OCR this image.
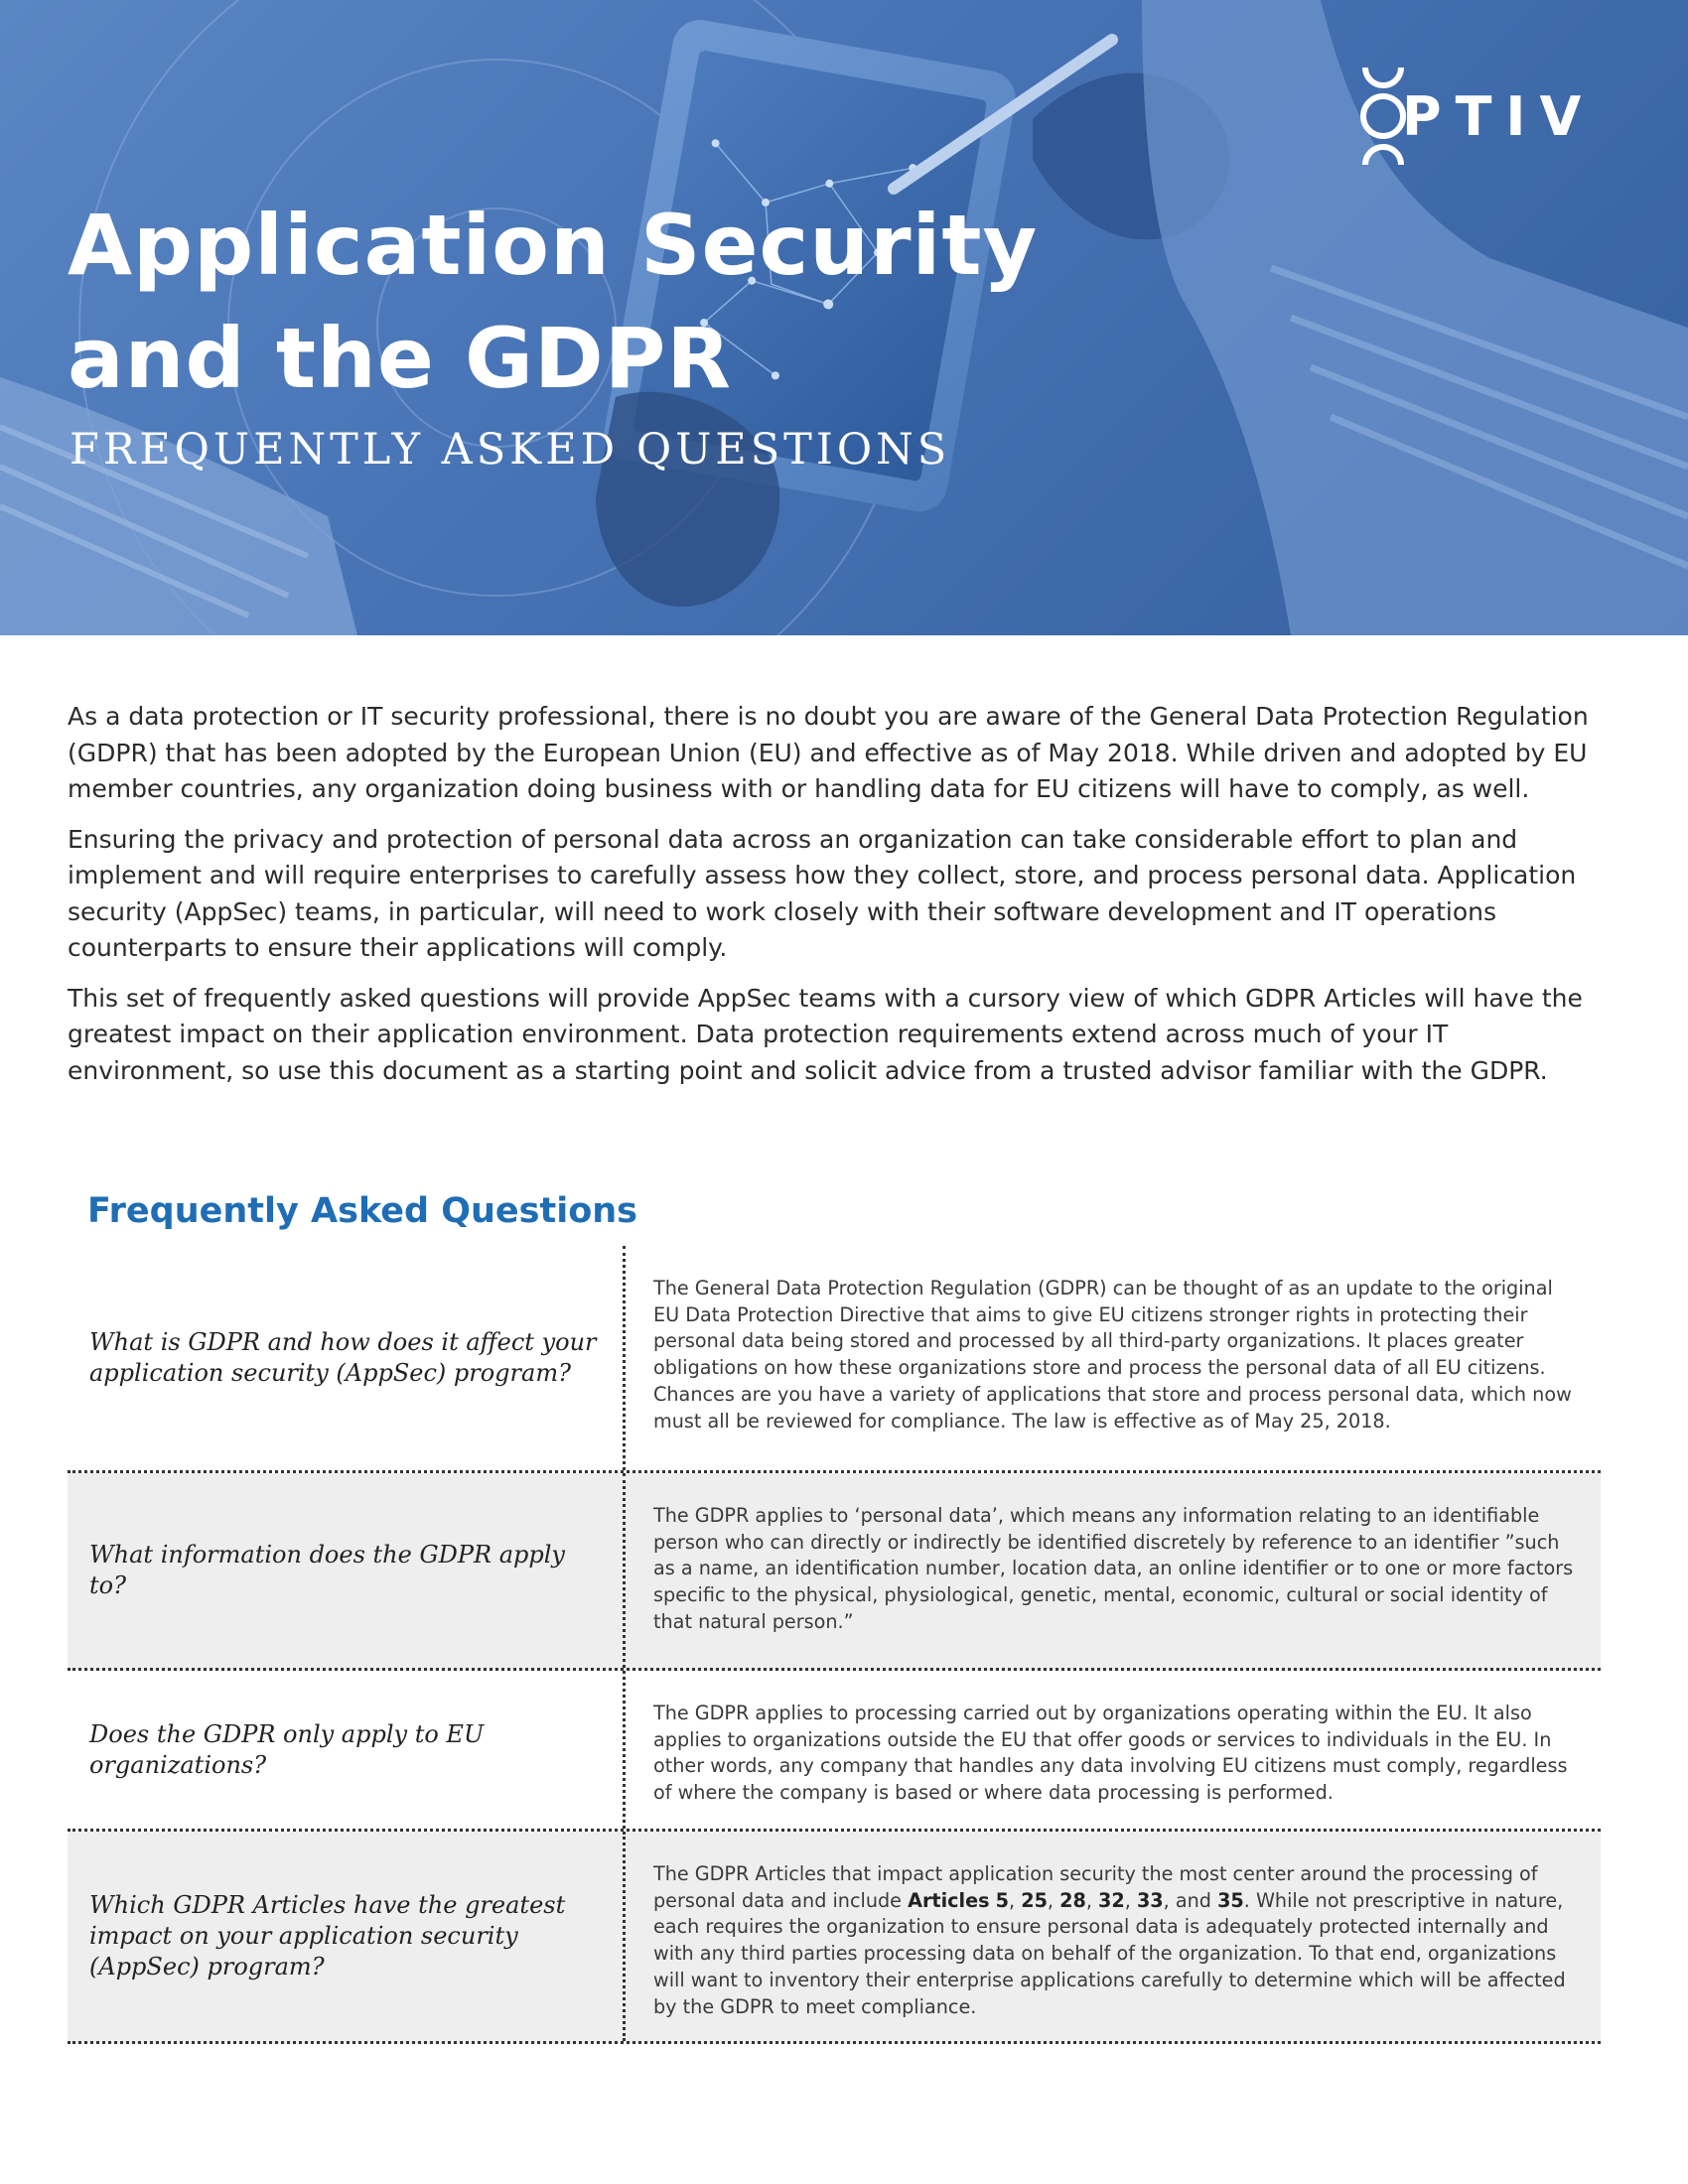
PTIV
Application Security
and the GDPR
FREQUENTLY ASKED QUESTIONS

As a data protection or IT security professional, there is no doubt you are aware of the General Data Protection Regulation (GDPR) that has been adopted by the European Union (EU) and effective as of May 2018. While driven and adopted by EU member countries, any organization doing business with or handling data for EU citizens will have to comply, as well.

Ensuring the privacy and protection of personal data across an organization can take considerable effort to plan and implement and will require enterprises to carefully assess how they collect, store, and process personal data. Application security (AppSec) teams, in particular, will need to work closely with their software development and IT operations counterparts to ensure their applications will comply.

This set of frequently asked questions will provide AppSec teams with a cursory view of which GDPR Articles will have the greatest impact on their application environment. Data protection requirements extend across much of your IT environment, so use this document as a starting point and solicit advice from a trusted advisor familiar with the GDPR.

Frequently Asked Questions
What is GDPR and how does it affect your application security (AppSec) program?
The General Data Protection Regulation (GDPR) can be thought of as an update to the original EU Data Protection Directive that aims to give EU citizens stronger rights in protecting their personal data being stored and processed by all third-party organizations. It places greater obligations on how these organizations store and process the personal data of all EU citizens. Chances are you have a variety of applications that store and process personal data, which now must all be reviewed for compliance. The law is effective as of May 25, 2018.
What information does the GDPR apply to?
The GDPR applies to ‘personal data’, which means any information relating to an identifiable person who can directly or indirectly be identified discretely by reference to an identifier ”such as a name, an identification number, location data, an online identifier or to one or more factors specific to the physical, physiological, genetic, mental, economic, cultural or social identity of that natural person.”
Does the GDPR only apply to EU organizations?
The GDPR applies to processing carried out by organizations operating within the EU. It also applies to organizations outside the EU that offer goods or services to individuals in the EU. In other words, any company that handles any data involving EU citizens must comply, regardless of where the company is based or where data processing is performed.
Which GDPR Articles have the greatest impact on your application security (AppSec) program?
The GDPR Articles that impact application security the most center around the processing of personal data and include Articles 5, 25, 28, 32, 33, and 35. While not prescriptive in nature, each requires the organization to ensure personal data is adequately protected internally and with any third parties processing data on behalf of the organization. To that end, organizations will want to inventory their enterprise applications carefully to determine which will be affected by the GDPR to meet compliance.
